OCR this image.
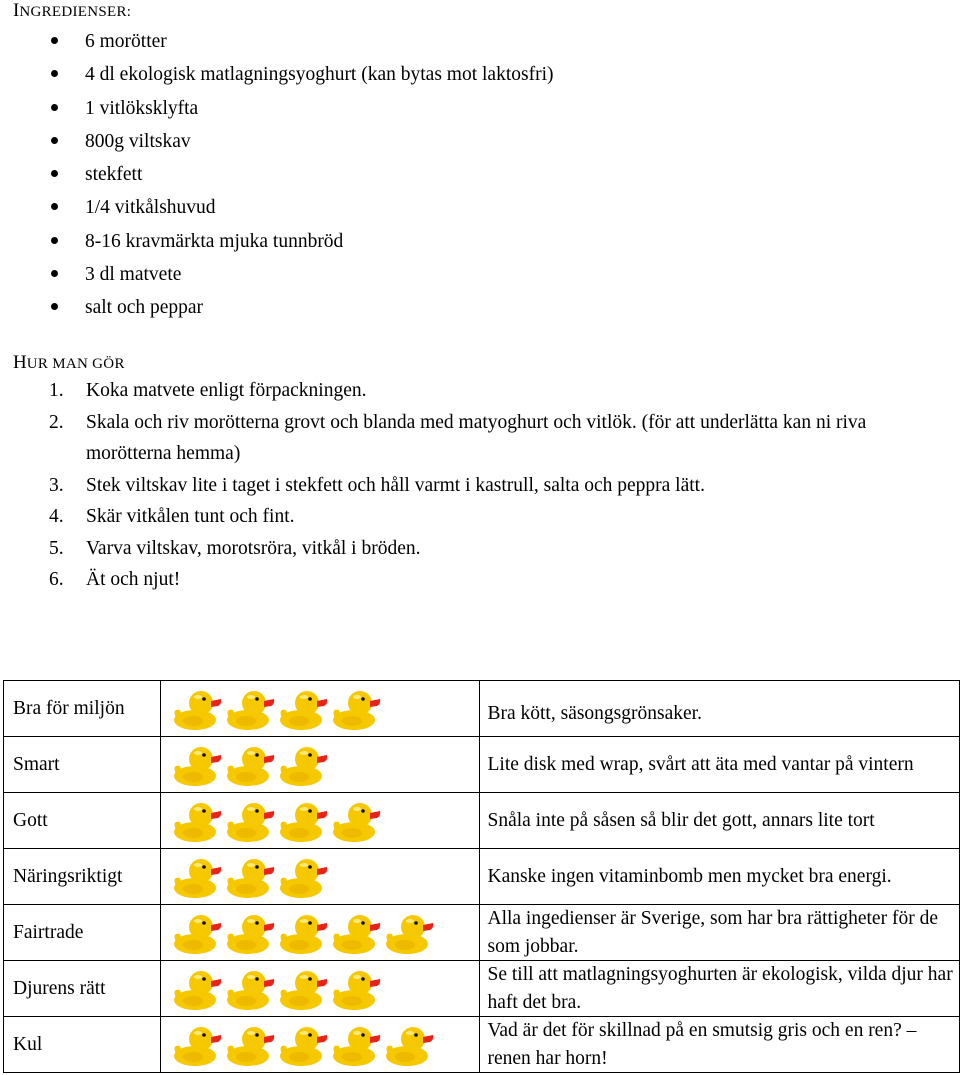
INGREDIENSER:
6 morötter
4 dl ekologisk matlagningsyoghurt (kan bytas mot laktosfri)
1 vitlöksklyfta
800g viltskav
stekfett
1/4 vitkålshuvud
8-16 kravmärkta mjuka tunnbröd
3 dl matvete
salt och peppar
HUR MAN GÖR
1. Koka matvete enligt förpackningen.
2. Skala och riv morötterna grovt och blanda med matyoghurt och vitlök. (för att underlätta kan ni riva morötterna hemma)
3. Stek viltskav lite i taget i stekfett och håll varmt i kastrull, salta och peppra lätt.
4. Skär vitkålen tunt och fint.
5. Varva viltskav, morotsröra, vitkål i bröden.
6. Ät och njut!
Bra för miljön		Bra kött, säsongsgrönsaker.
Smart		Lite disk med wrap, svårt att äta med vantar på vintern
Gott		Snåla inte på såsen så blir det gott, annars lite tort
Näringsriktigt		Kanske ingen vitaminbomb men mycket bra energi.
Fairtrade		Alla ingedienser är Sverige, som har bra rättigheter för de som jobbar.
Djurens rätt		Se till att matlagningsyoghurten är ekologisk, vilda djur har haft det bra.
Kul		Vad är det för skillnad på en smutsig gris och en ren? –renen har horn!
